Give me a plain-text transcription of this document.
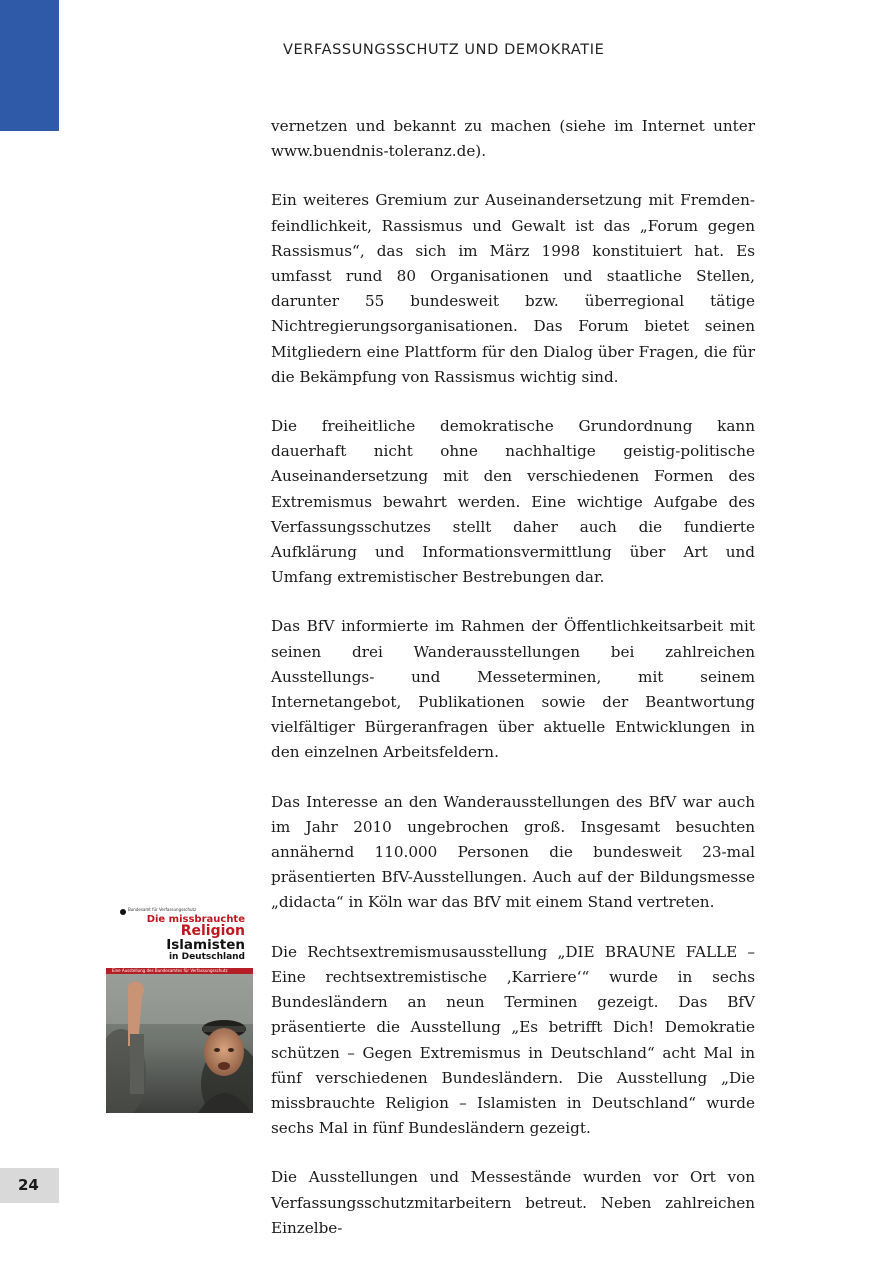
VERFASSUNGSSCHUTZ UND DEMOKRATIE

vernetzen und bekannt zu machen (siehe im Internet unter www.buendnis-toleranz.de).

Ein weiteres Gremium zur Auseinandersetzung mit Fremdenfeindlichkeit, Rassismus und Gewalt ist das „Forum gegen Rassismus“, das sich im März 1998 konstituiert hat. Es umfasst rund 80 Organisationen und staatliche Stellen, darunter 55 bundesweit bzw. überregional tätige Nichtregierungsorganisationen. Das Forum bietet seinen Mitgliedern eine Plattform für den Dialog über Fragen, die für die Bekämpfung von Rassismus wichtig sind.

Die freiheitliche demokratische Grundordnung kann dauerhaft nicht ohne nachhaltige geistig-politische Auseinandersetzung mit den verschiedenen Formen des Extremismus bewahrt werden. Eine wichtige Aufgabe des Verfassungsschutzes stellt daher auch die fundierte Aufklärung und Informationsvermittlung über Art und Umfang extremistischer Bestrebungen dar.

Das BfV informierte im Rahmen der Öffentlichkeitsarbeit mit seinen drei Wanderausstellungen bei zahlreichen Ausstellungs- und Messeterminen, mit seinem Internetangebot, Publikationen sowie der Beantwortung vielfältiger Bürgeranfragen über aktuelle Entwicklungen in den einzelnen Arbeitsfeldern.

Das Interesse an den Wanderausstellungen des BfV war auch im Jahr 2010 ungebrochen groß. Insgesamt besuchten annähernd 110.000 Personen die bundesweit 23-mal präsentierten BfV-Ausstellungen. Auch auf der Bildungsmesse „didacta“ in Köln war das BfV mit einem Stand vertreten.

Die Rechtsextremismusausstellung „DIE BRAUNE FALLE – Eine rechtsextremistische ‚Karriere‘“ wurde in sechs Bundesländern an neun Terminen gezeigt. Das BfV präsentierte die Ausstellung „Es betrifft Dich! Demokratie schützen – Gegen Extremismus in Deutschland“ acht Mal in fünf verschiedenen Bundesländern. Die Ausstellung „Die missbrauchte Religion – Islamisten in Deutschland“ wurde sechs Mal in fünf Bundesländern gezeigt.

Die Ausstellungen und Messestände wurden vor Ort von Verfassungsschutzmitarbeitern betreut. Neben zahlreichen Einzelbe-

Bundesamt für Verfassungsschutz
Die missbrauchte
Religion
Islamisten
in Deutschland
Eine Ausstellung des Bundesamtes für Verfassungsschutz
24
